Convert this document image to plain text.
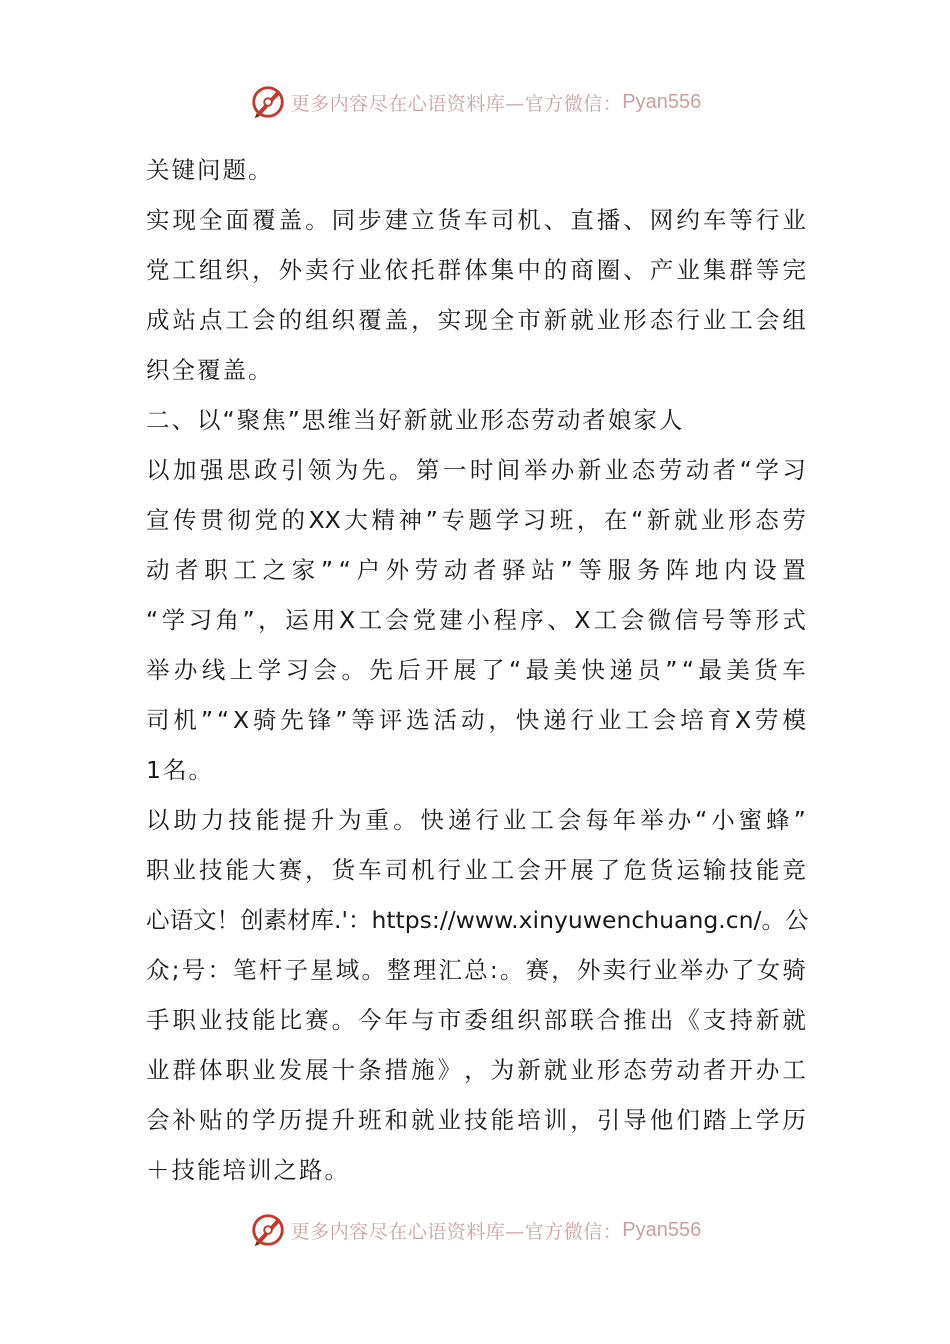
更多内容尽在心语资料库—官方微信： Pyan556
关键问题。
实 现 全 面 覆 盖 。 同 步 建 立 货 车 司 机 、 直 播 、 网 约 车 等 行 业
党 工 组 织 ， 外 卖 行 业 依 托 群 体 集 中 的 商 圈 、 产 业 集 群 等 完
成 站 点 工 会 的 组 织 覆 盖 ， 实 现 全 市 新 就 业 形 态 行 业 工 会 组
织全覆盖。
二、以“聚焦”思维当好新就业形态劳动者娘家人
以 加 强 思 政 引 领 为 先 。 第 一 时 间 举 办 新 业 态 劳 动 者 “ 学 习
宣 传 贯 彻 党 的 XX 大 精 神 ” 专 题 学 习 班 ， 在 “ 新 就 业 形 态 劳
动 者 职 工 之 家 ” “ 户 外 劳 动 者 驿 站 ” 等 服 务 阵 地 内 设 置
“ 学 习 角 ” ， 运 用 X 工 会 党 建 小 程 序 、 X 工 会 微 信 号 等 形 式
举 办 线 上 学 习 会 。 先 后 开 展 了 “ 最 美 快 递 员 ” “ 最 美 货 车
司 机 ” “ X 骑 先 锋 ” 等 评 选 活 动 ， 快 递 行 业 工 会 培 育 X 劳 模
1名。
以 助 力 技 能 提 升 为 重 。 快 递 行 业 工 会 每 年 举 办 “ 小 蜜 蜂 ”
职 业 技 能 大 赛 ， 货 车 司 机 行 业 工 会 开 展 了 危 货 运 输 技 能 竞
心 语 文 ！ 创 素 材 库 .' ： https://www.xinyuwenchuang.cn/ 。 公
众 ; 号 ： 笔 杆 子 星 域 。 整 理 汇 总 : 。 赛 ， 外 卖 行 业 举 办 了 女 骑
手 职 业 技 能 比 赛 。 今 年 与 市 委 组 织 部 联 合 推 出 《 支 持 新 就
业 群 体 职 业 发 展 十 条 措 施 》 ， 为 新 就 业 形 态 劳 动 者 开 办 工
会 补 贴 的 学 历 提 升 班 和 就 业 技 能 培 训 ， 引 导 他 们 踏 上 学 历
＋技能培训之路。
更多内容尽在心语资料库—官方微信： Pyan556
